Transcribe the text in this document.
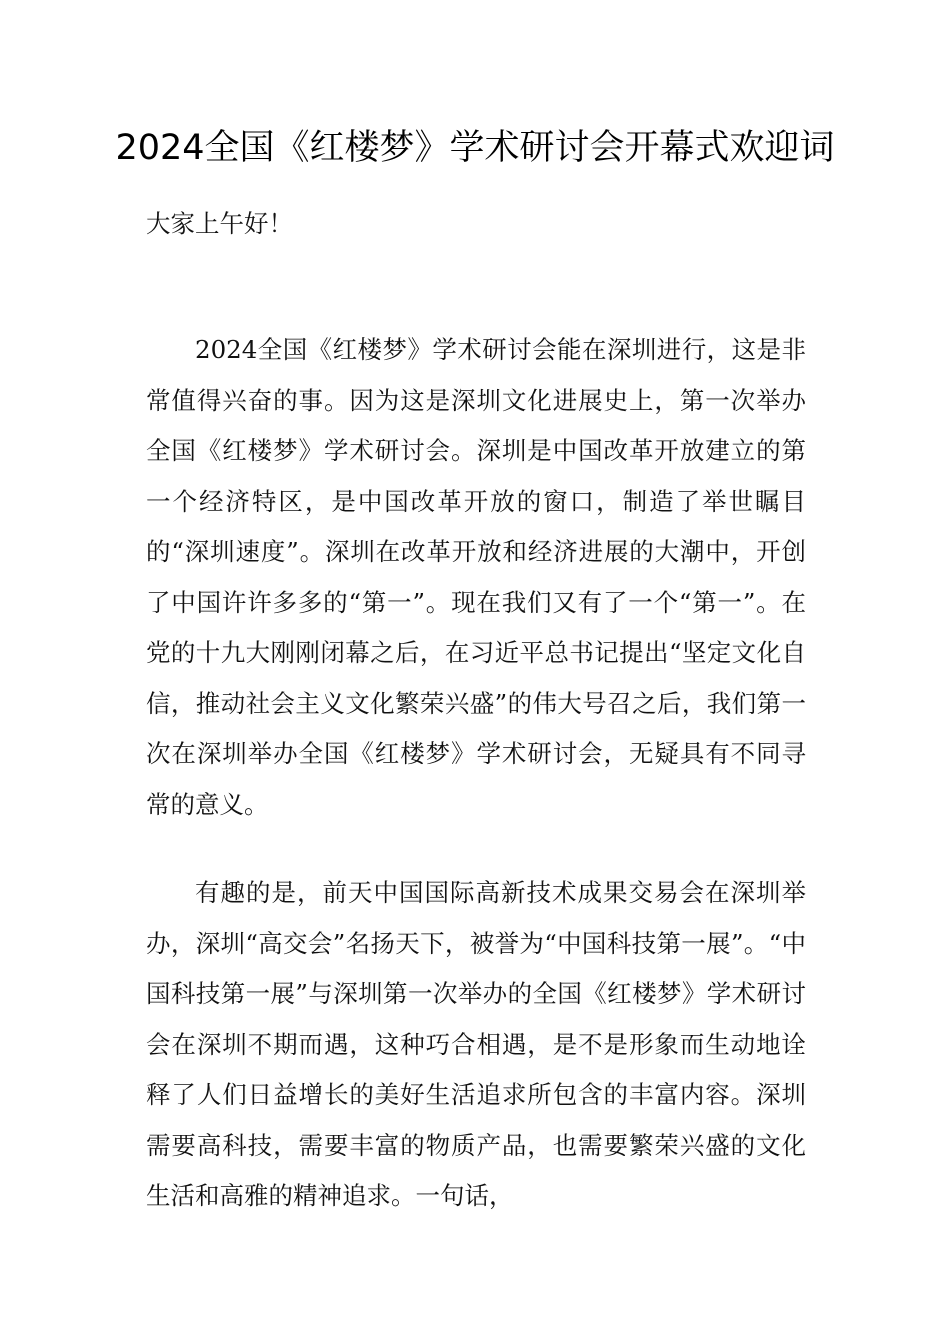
2024全国《红楼梦》学术研讨会开幕式欢迎词

大家上午好！

2024全国《红楼梦》学术研讨会能在深圳进行，这是非常值得兴奋的事。因为这是深圳文化进展史上，第一次举办全国《红楼梦》学术研讨会。深圳是中国改革开放建立的第一个经济特区，是中国改革开放的窗口，制造了举世瞩目的“深圳速度”。深圳在改革开放和经济进展的大潮中，开创了中国许许多多的“第一”。现在我们又有了一个“第一”。在党的十九大刚刚闭幕之后，在习近平总书记提出“坚定文化自信，推动社会主义文化繁荣兴盛”的伟大号召之后，我们第一次在深圳举办全国《红楼梦》学术研讨会，无疑具有不同寻常的意义。

有趣的是，前天中国国际高新技术成果交易会在深圳举办，深圳“高交会”名扬天下，被誉为“中国科技第一展”。“中国科技第一展”与深圳第一次举办的全国《红楼梦》学术研讨会在深圳不期而遇，这种巧合相遇，是不是形象而生动地诠释了人们日益增长的美好生活追求所包含的丰富内容。深圳需要高科技，需要丰富的物质产品，也需要繁荣兴盛的文化生活和高雅的精神追求。一句话，
